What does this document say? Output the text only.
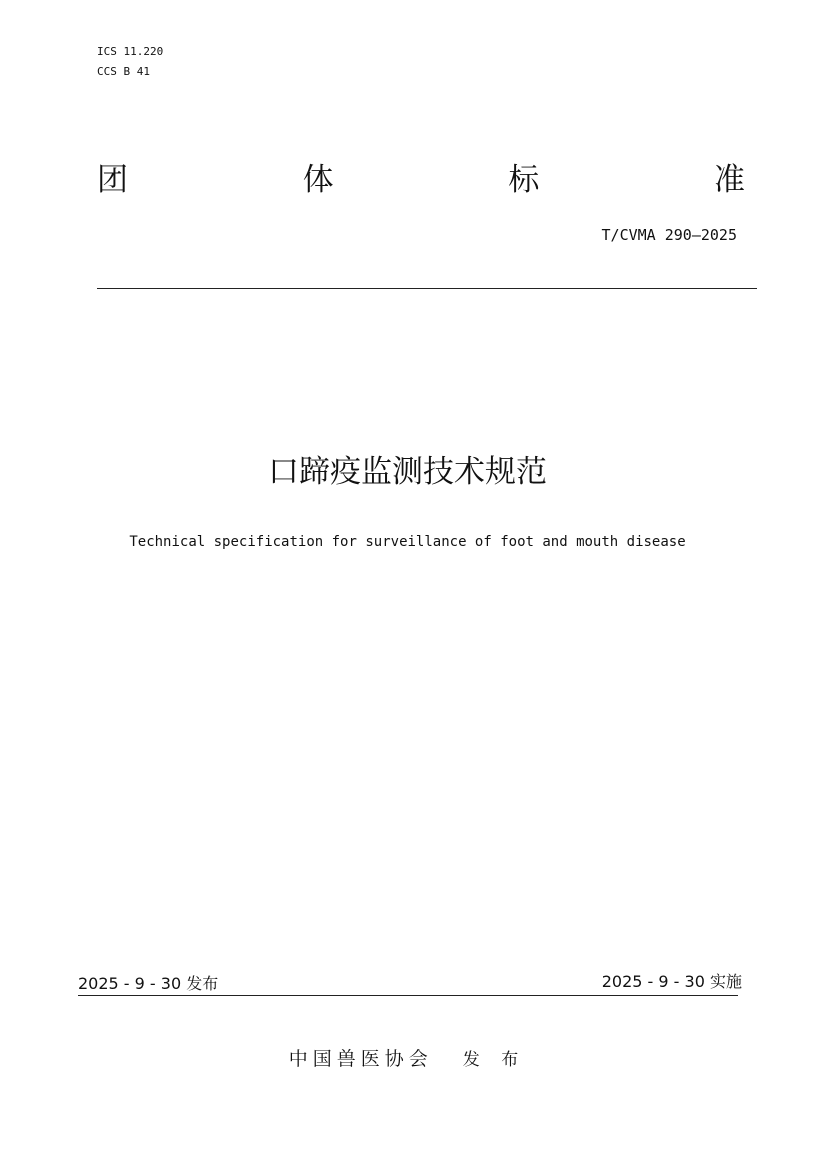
ICS 11.220
CCS B 41
团	体	标	准
T/CVMA 290—2025
口蹄疫监测技术规范
Technical specification for surveillance of foot and mouth disease
2025 - 9 - 30 发布	2025 - 9 - 30 实施
中国兽医协会 发 布
